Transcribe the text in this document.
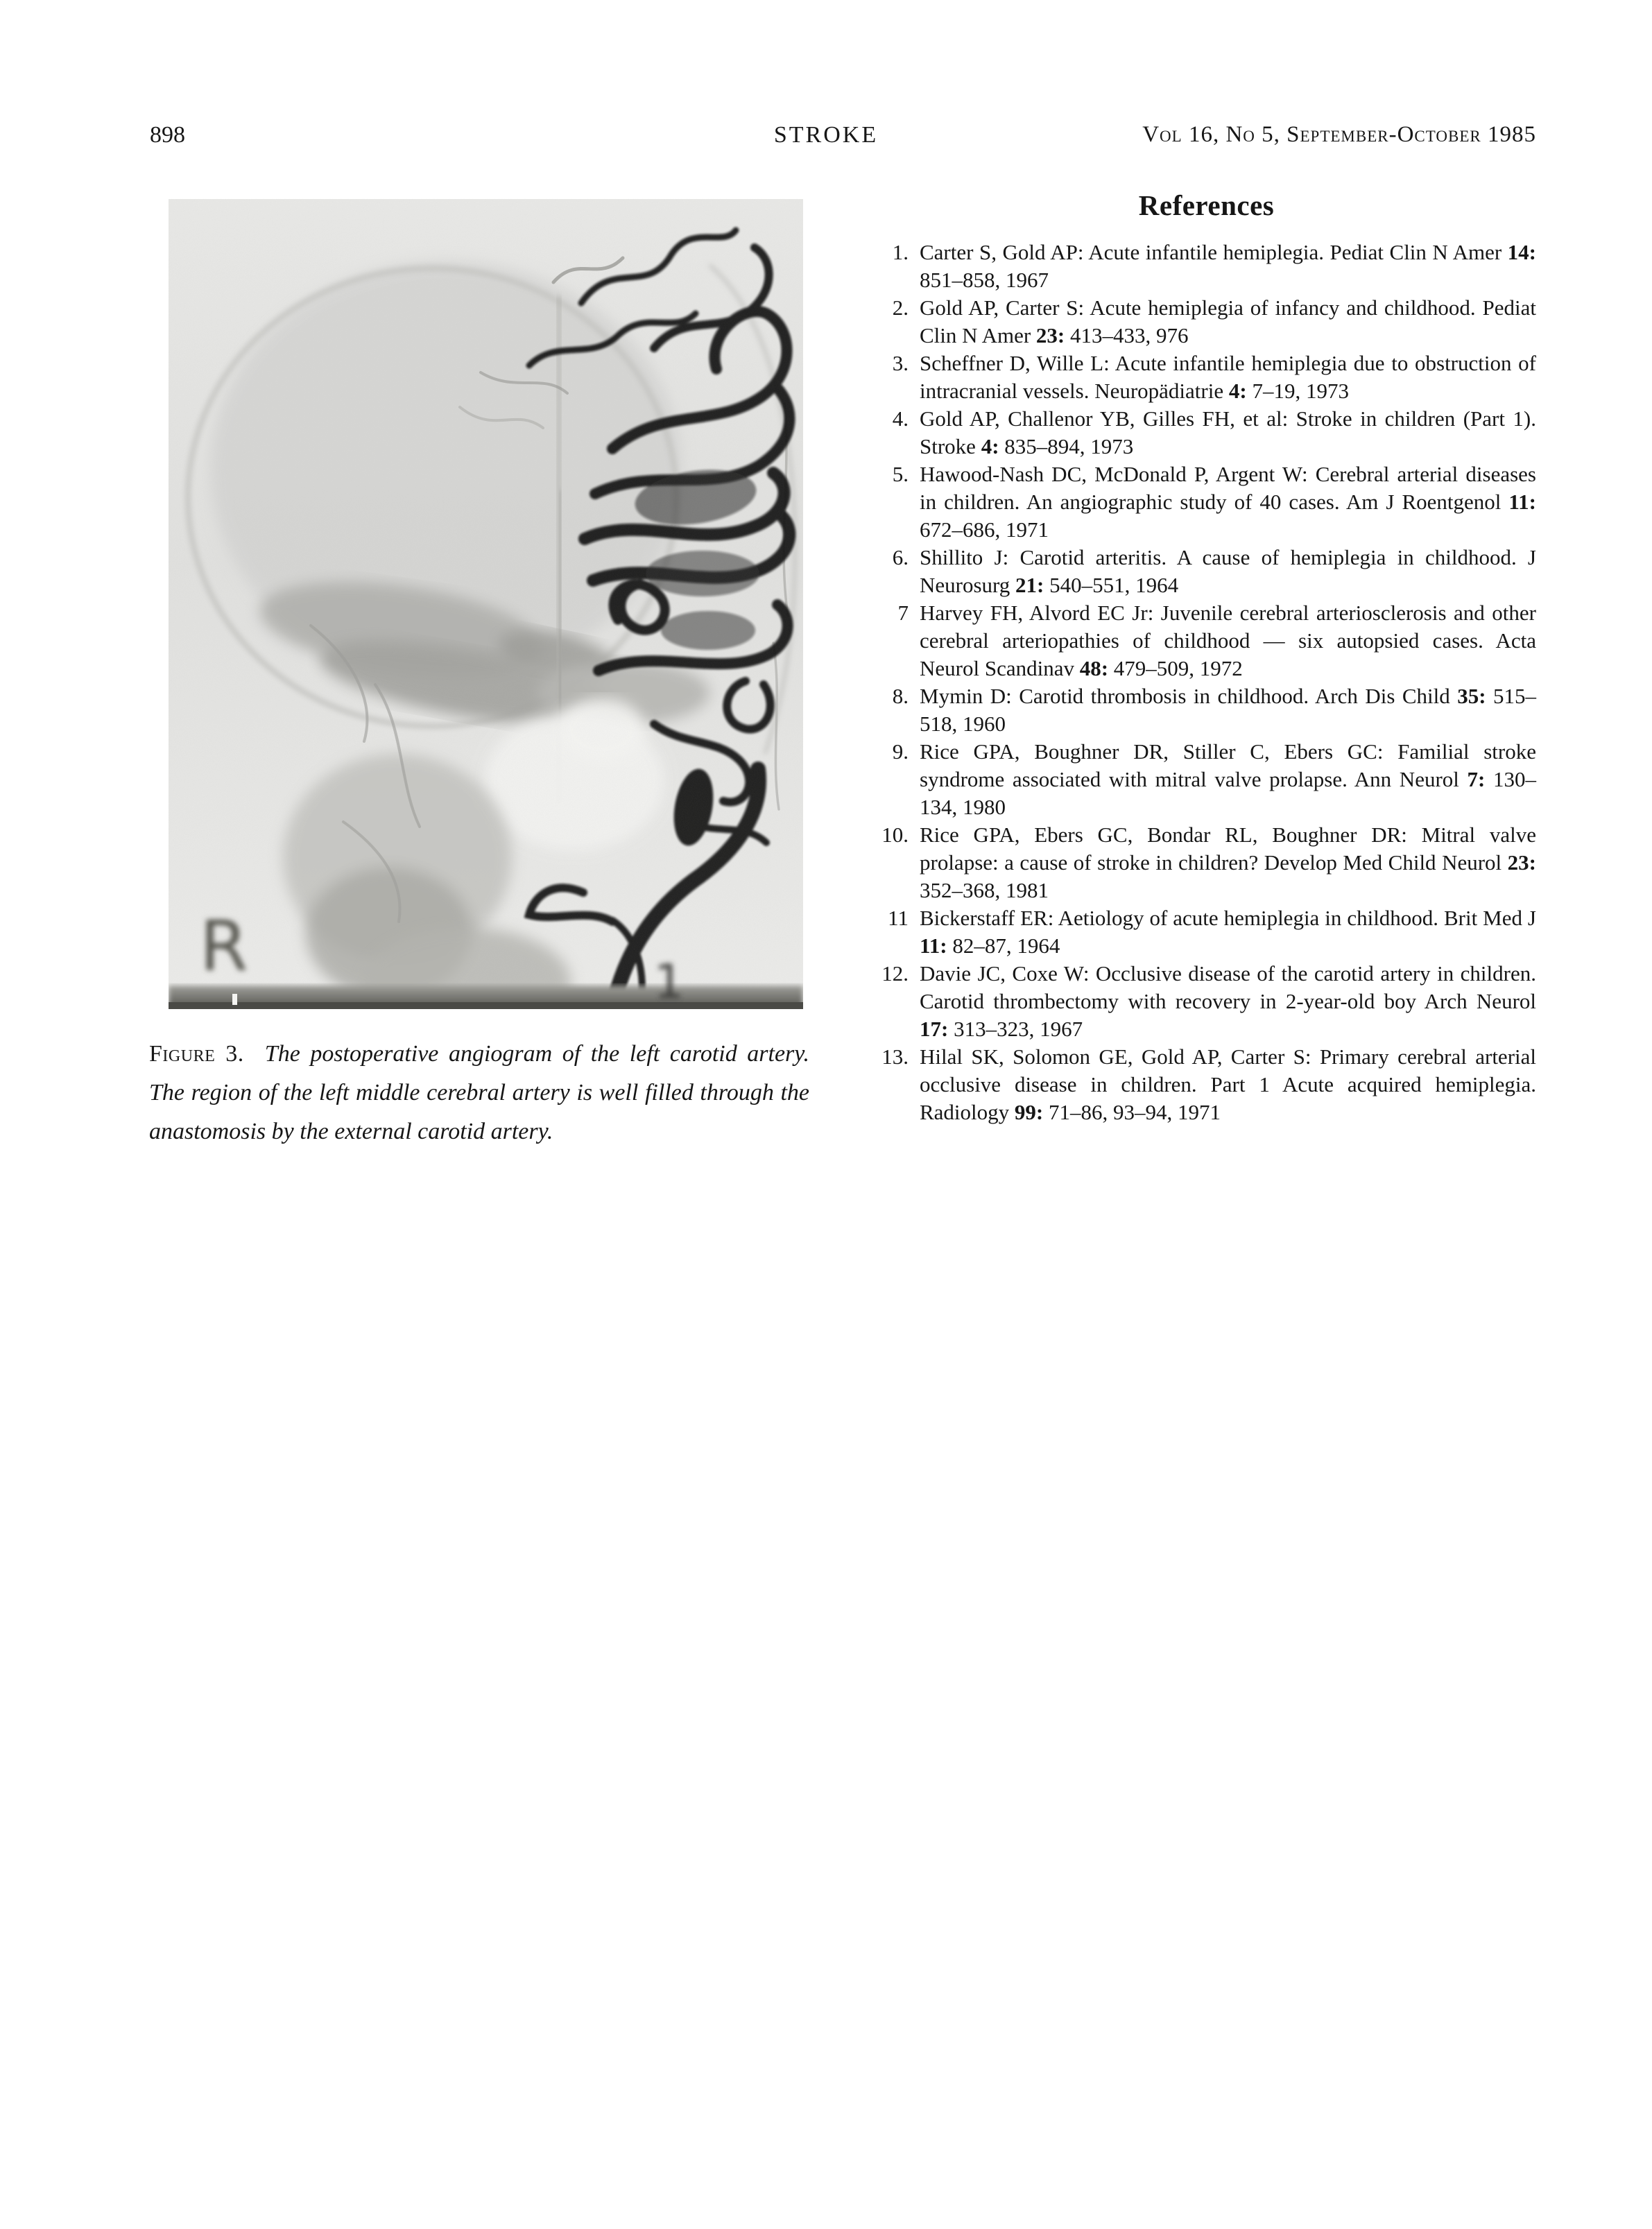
898	STROKE	Vol 16, No 5, September-October 1985
R	1

Figure 3. The postoperative angiogram of the left carotid artery. The region of the left middle cerebral artery is well filled through the anastomosis by the external carotid artery.

References
1. Carter S, Gold AP: Acute infantile hemiplegia. Pediat Clin N Amer 14: 851–858, 1967
2. Gold AP, Carter S: Acute hemiplegia of infancy and childhood. Pediat Clin N Amer 23: 413–433, 976
3. Scheffner D, Wille L: Acute infantile hemiplegia due to obstruction of intracranial vessels. Neuropädiatrie 4: 7–19, 1973
4. Gold AP, Challenor YB, Gilles FH, et al: Stroke in children (Part 1). Stroke 4: 835–894, 1973
5. Hawood-Nash DC, McDonald P, Argent W: Cerebral arterial diseases in children. An angiographic study of 40 cases. Am J Roentgenol 11: 672–686, 1971
6. Shillito J: Carotid arteritis. A cause of hemiplegia in childhood. J Neurosurg 21: 540–551, 1964
7 Harvey FH, Alvord EC Jr: Juvenile cerebral arteriosclerosis and other cerebral arteriopathies of childhood — six autopsied cases. Acta Neurol Scandinav 48: 479–509, 1972
8. Mymin D: Carotid thrombosis in childhood. Arch Dis Child 35: 515–518, 1960
9. Rice GPA, Boughner DR, Stiller C, Ebers GC: Familial stroke syndrome associated with mitral valve prolapse. Ann Neurol 7: 130–134, 1980
10. Rice GPA, Ebers GC, Bondar RL, Boughner DR: Mitral valve prolapse: a cause of stroke in children? Develop Med Child Neurol 23: 352–368, 1981
11 Bickerstaff ER: Aetiology of acute hemiplegia in childhood. Brit Med J 11: 82–87, 1964
12. Davie JC, Coxe W: Occlusive disease of the carotid artery in children. Carotid thrombectomy with recovery in 2-year-old boy Arch Neurol 17: 313–323, 1967
13. Hilal SK, Solomon GE, Gold AP, Carter S: Primary cerebral arterial occlusive disease in children. Part 1 Acute acquired hemiplegia. Radiology 99: 71–86, 93–94, 1971
